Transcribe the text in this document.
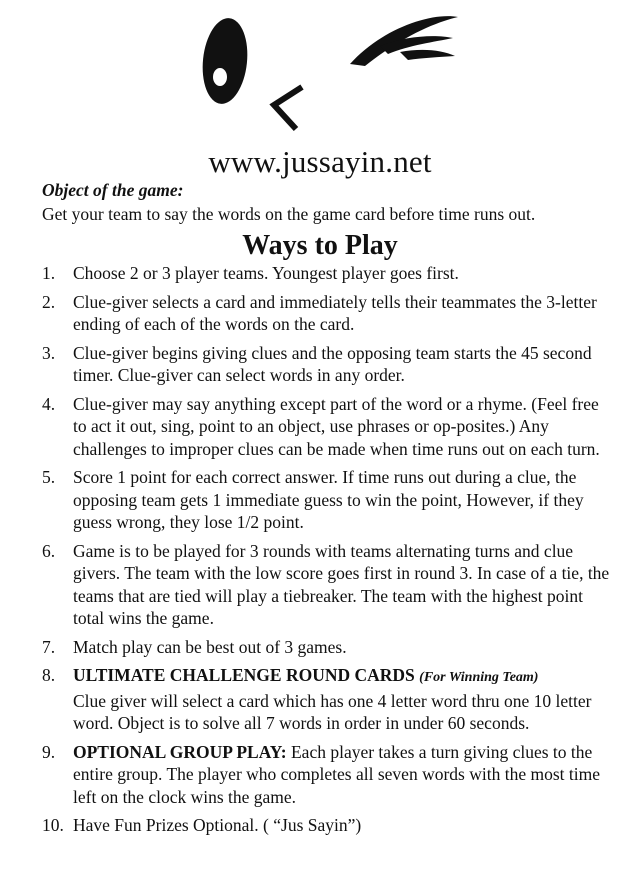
www.jussayin.net
Object of the game:
Get your team to say the words on the game card before time runs out.
Ways to Play
1.	Choose 2 or 3 player teams. Youngest player goes first.
2.	Clue-giver selects a card and immediately tells their teammates the 3-letter ending of each of the words on the card.
3.	Clue-giver begins giving clues and the opposing team starts the 45 second timer. Clue-giver can select words in any order.
4.	Clue-giver may say anything except part of the word or a rhyme. (Feel free to act it out, sing, point to an object, use phrases or op-posites.) Any challenges to improper clues can be made when time runs out on each turn.
5.	Score 1 point for each correct answer. If time runs out during a clue, the opposing team gets 1 immediate guess to win the point, However, if they guess wrong, they lose 1/2 point.
6.	Game is to be played for 3 rounds with teams alternating turns and clue givers. The team with the low score goes first in round 3. In case of a tie, the teams that are tied will play a tiebreaker. The team with the highest point total wins the game.
7.	Match play can be best out of 3 games.
8.	ULTIMATE CHALLENGE ROUND CARDS (For Winning Team)
Clue giver will select a card which has one 4 letter word thru one 10 letter word. Object is to solve all 7 words in order in under 60 seconds.
9.	OPTIONAL GROUP PLAY: Each player takes a turn giving clues to the entire group. The player who completes all seven words with the most time left on the clock wins the game.
10. Have Fun Prizes Optional. ( “Jus Sayin”)
